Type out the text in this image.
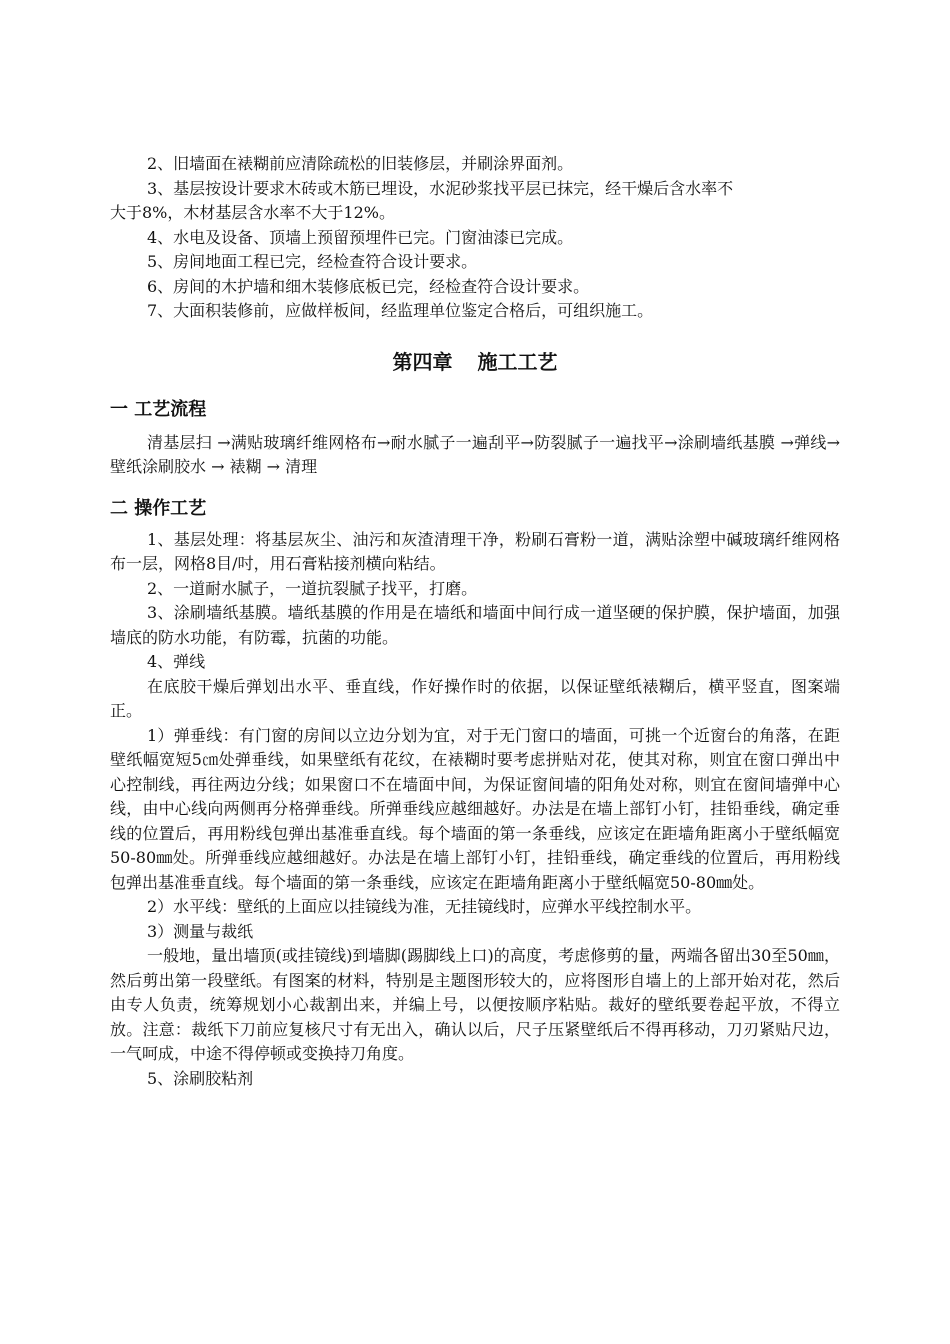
2、旧墙面在裱糊前应清除疏松的旧装修层，并刷涂界面剂。

3、基层按设计要求木砖或木筋已埋设，水泥砂浆找平层已抹完，经干燥后含水率不

大于8%，木材基层含水率不大于12%。

4、水电及设备、顶墙上预留预埋件已完。门窗油漆已完成。

5、房间地面工程已完，经检查符合设计要求。

6、房间的木护墙和细木装修底板已完，经检查符合设计要求。

7、大面积装修前，应做样板间，经监理单位鉴定合格后，可组织施工。

第四章 施工工艺
一 工艺流程

清基层扫 →满贴玻璃纤维网格布→耐水腻子一遍刮平→防裂腻子一遍找平→涂刷墙纸基膜 →弹线→壁纸涂刷胶水 → 裱糊 → 清理

二 操作工艺

1、基层处理：将基层灰尘、油污和灰渣清理干净，粉刷石膏粉一道，满贴涂塑中碱玻璃纤维网格布一层，网格8目/吋，用石膏粘接剂横向粘结。

2、一道耐水腻子，一道抗裂腻子找平，打磨。

3、涂刷墙纸基膜。墙纸基膜的作用是在墙纸和墙面中间行成一道坚硬的保护膜，保护墙面，加强墙底的防水功能，有防霉，抗菌的功能。

4、弹线

在底胶干燥后弹划出水平、垂直线，作好操作时的依据，以保证壁纸裱糊后，横平竖直，图案端正。

1）弹垂线：有门窗的房间以立边分划为宜，对于无门窗口的墙面，可挑一个近窗台的角落，在距壁纸幅宽短5㎝处弹垂线，如果壁纸有花纹，在裱糊时要考虑拼贴对花，使其对称，则宜在窗口弹出中心控制线，再往两边分线；如果窗口不在墙面中间，为保证窗间墙的阳角处对称，则宜在窗间墙弹中心线，由中心线向两侧再分格弹垂线。所弹垂线应越细越好。办法是在墙上部钉小钉，挂铅垂线，确定垂线的位置后，再用粉线包弹出基准垂直线。每个墙面的第一条垂线，应该定在距墙角距离小于壁纸幅宽50-80㎜处。所弹垂线应越细越好。办法是在墙上部钉小钉，挂铅垂线，确定垂线的位置后，再用粉线包弹出基准垂直线。每个墙面的第一条垂线，应该定在距墙角距离小于壁纸幅宽50-80㎜处。

2）水平线：壁纸的上面应以挂镜线为准，无挂镜线时，应弹水平线控制水平。

3）测量与裁纸

一般地，量出墙顶(或挂镜线)到墙脚(踢脚线上口)的高度，考虑修剪的量，两端各留出30至50㎜，然后剪出第一段壁纸。有图案的材料，特别是主题图形较大的，应将图形自墙上的上部开始对花，然后由专人负责，统筹规划小心裁割出来，并编上号，以便按顺序粘贴。裁好的壁纸要卷起平放，不得立放。注意：裁纸下刀前应复核尺寸有无出入，确认以后，尺子压紧壁纸后不得再移动，刀刃紧贴尺边，一气呵成，中途不得停顿或变换持刀角度。

5、涂刷胶粘剂
